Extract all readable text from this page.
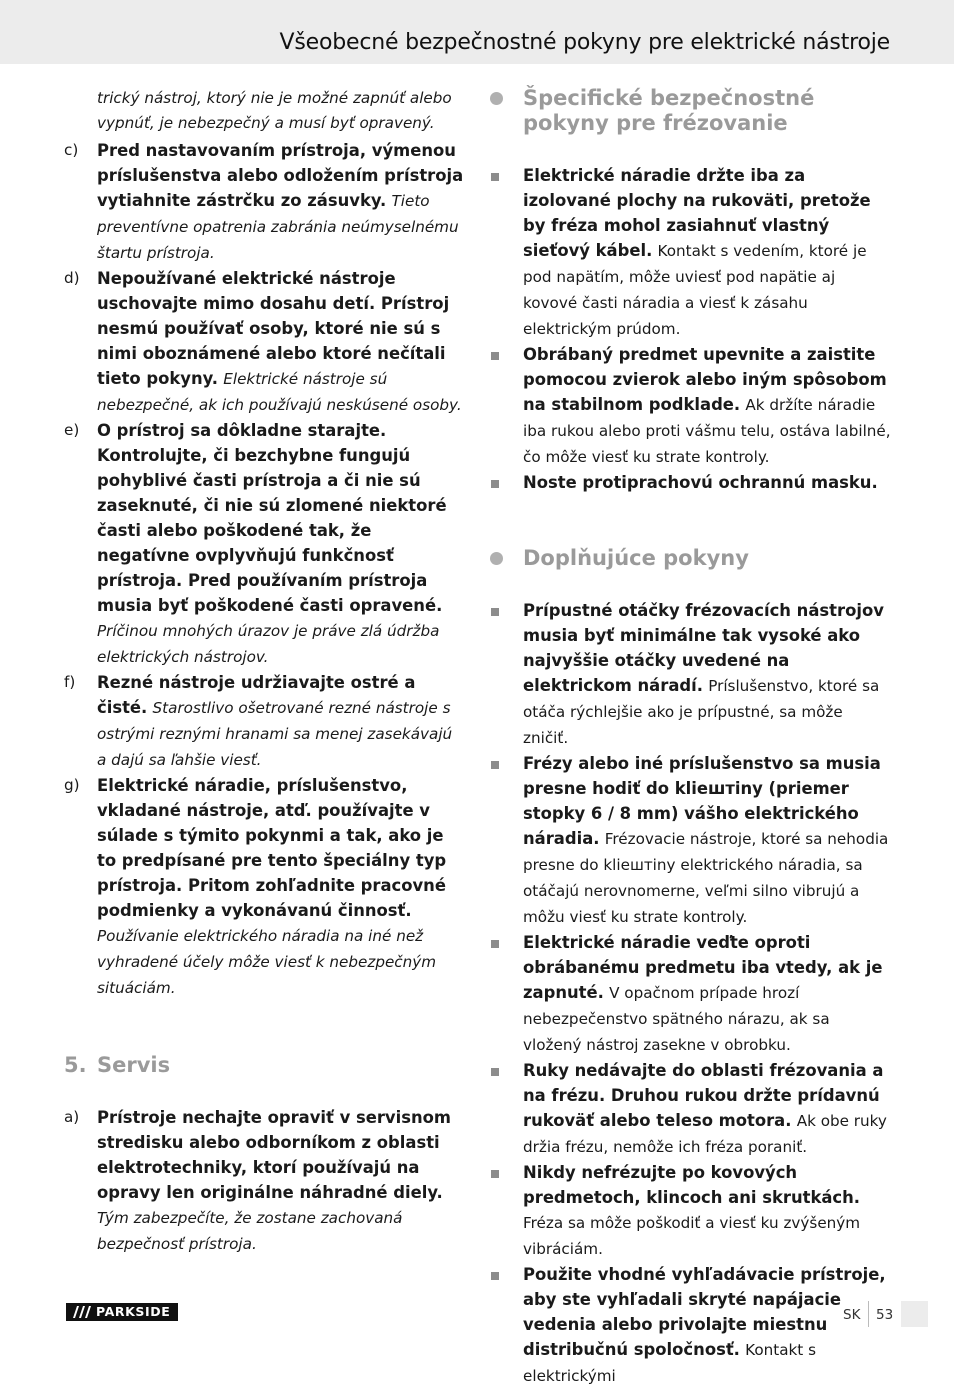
Všeobecné bezpečnostné pokyny pre elektrické nástroje
trický nástroj, ktorý nie je možné zapnúť alebo vypnúť, je nebezpečný a musí byť opravený.
c) Pred nastavovaním prístroja, výmenou príslušenstva alebo odložením prístroja vytiahnite zástrčku zo zásuvky. Tieto preventívne opatrenia zabránia neúmyselnému štartu prístroja.
d) Nepoužívané elektrické nástroje uschovajte mimo dosahu detí. Prístroj nesmú používať osoby, ktoré nie sú s nimi oboznámené alebo ktoré nečítali tieto pokyny. Elektrické nástroje sú nebezpečné, ak ich používajú neskúsené osoby.
e) O prístroj sa dôkladne starajte. Kontrolujte, či bezchybne fungujú pohyblivé časti prístroja a či nie sú zaseknuté, či nie sú zlomené niektoré časti alebo poškodené tak, že negatívne ovplyvňujú funkčnosť prístroja. Pred používaním prístroja musia byť poškodené časti opravené. Príčinou mnohých úrazov je práve zlá údržba elektrických nástrojov.
f) Rezné nástroje udržiavajte ostré a čisté. Starostlivo ošetrované rezné nástroje s ostrými reznými hranami sa menej zasekávajú a dajú sa ľahšie viesť.
g) Elektrické náradie, príslušenstvo, vkladané nástroje, atď. používajte v súlade s týmito pokynmi a tak, ako je to predpísané pre tento špeciálny typ prístroja. Pritom zohľadnite pracovné podmienky a vykonávanú činnosť. Používanie elektrického náradia na iné než vyhradené účely môže viesť k nebezpečným situáciám.
5. Servis
a) Prístroje nechajte opraviť v servisnom stredisku alebo odborníkom z oblasti elektrotechniky, ktorí používajú na opravy len originálne náhradné diely. Tým zabezpečíte, že zostane zachovaná bezpečnosť prístroja.
Špecifické bezpečnostné pokyny pre frézovanie
Elektrické náradie držte iba za izolované plochy na rukoväti, pretože by fréza mohol zasiahnuť vlastný sieťový kábel. Kontakt s vedením, ktoré je pod napätím, môže uviesť pod napätie aj kovové časti náradia a viesť k zásahu elektrickým prúdom.
Obrábaný predmet upevnite a zaistite pomocou zvierok alebo iným spôsobom na stabilnom podklade. Ak držíte náradie iba rukou alebo proti vášmu telu, ostáva labilné, čo môže viesť ku strate kontroly.
Noste protiprachovú ochrannú masku.
Doplňujúce pokyny
Prípustné otáčky frézovacích nástrojov musia byť minimálne tak vysoké ako najvyššie otáčky uvedené na elektrickom náradí. Príslušenstvo, ktoré sa otáča rýchlejšie ako je prípustné, sa môže zničiť.
Frézy alebo iné príslušenstvo sa musia presne hodiť do kliештiny (priemer stopky 6 / 8 mm) vášho elektrického náradia. Frézovacie nástroje, ktoré sa nehodia presne do kliештiny elektrického náradia, sa otáčajú nerovnomerne, veľmi silno vibrujú a môžu viesť ku strate kontroly.
Elektrické náradie veďte oproti obrábanému predmetu iba vtedy, ak je zapnuté. V opačnom prípade hrozí nebezpečenstvo spätného nárazu, ak sa vložený nástroj zasekne v obrobku.
Ruky nedávajte do oblasti frézovania a na frézu. Druhou rukou držte prídavnú rukoväť alebo teleso motora. Ak obe ruky držia frézu, nemôže ich fréza poraniť.
Nikdy nefrézujte po kovových predmetoch, klincoch ani skrutkách. Fréza sa môže poškodiť a viesť ku zvýšeným vibráciám.
Použite vhodné vyhľadávacie prístroje, aby ste vyhľadali skryté napájacie vedenia alebo privolajte miestnu distribučnú spoločnosť. Kontakt s elektrickými
PARKSIDE	SK 53
